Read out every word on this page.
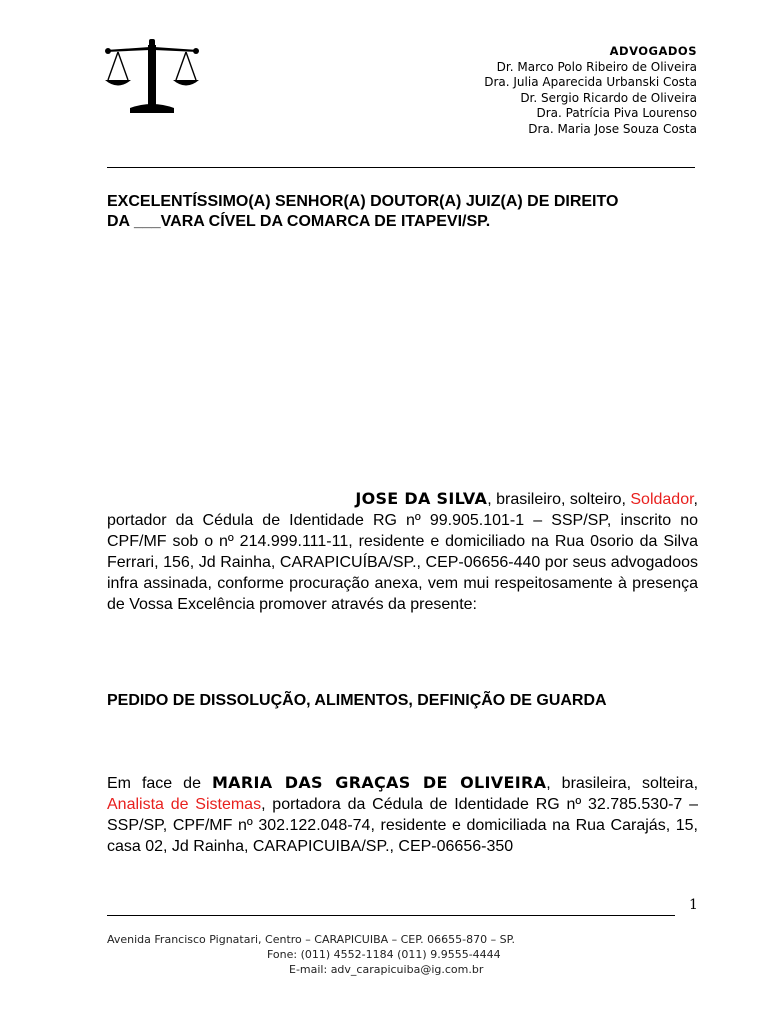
ADVOGADOS
Dr. Marco Polo Ribeiro de Oliveira
Dra. Julia Aparecida Urbanski Costa
Dr. Sergio Ricardo de Oliveira
Dra. Patrícia Piva Lourenso
Dra. Maria Jose Souza Costa
EXCELENTÍSSIMO(A) SENHOR(A) DOUTOR(A) JUIZ(A) DE DIREITO
DA ___VARA CÍVEL DA COMARCA DE ITAPEVI/SP.
JOSE DA SILVA, brasileiro, solteiro, Soldador,
portador da Cédula de Identidade RG nº 99.905.101-1 – SSP/SP, inscrito no CPF/MF sob o nº 214.999.111-11, residente e domiciliado na Rua 0sorio da Silva Ferrari, 156, Jd Rainha, CARAPICUÍBA/SP., CEP-06656-440 por seus advogadoos infra assinada, conforme procuração anexa, vem mui respeitosamente à presença de Vossa Excelência promover através da presente:
PEDIDO DE DISSOLUÇÃO, ALIMENTOS, DEFINIÇÃO DE GUARDA
Em face de MARIA DAS GRAÇAS DE OLIVEIRA, brasileira, solteira, Analista de Sistemas, portadora da Cédula de Identidade RG nº 32.785.530-7 – SSP/SP, CPF/MF nº 302.122.048-74, residente e domiciliada na Rua Carajás, 15, casa 02, Jd Rainha, CARAPICUIBA/SP., CEP-06656-350
1
Avenida Francisco Pignatari, Centro – CARAPICUIBA – CEP. 06655-870 – SP.
Fone: (011) 4552-1184 (011) 9.9555-4444
E-mail: adv_carapicuiba@ig.com.br
